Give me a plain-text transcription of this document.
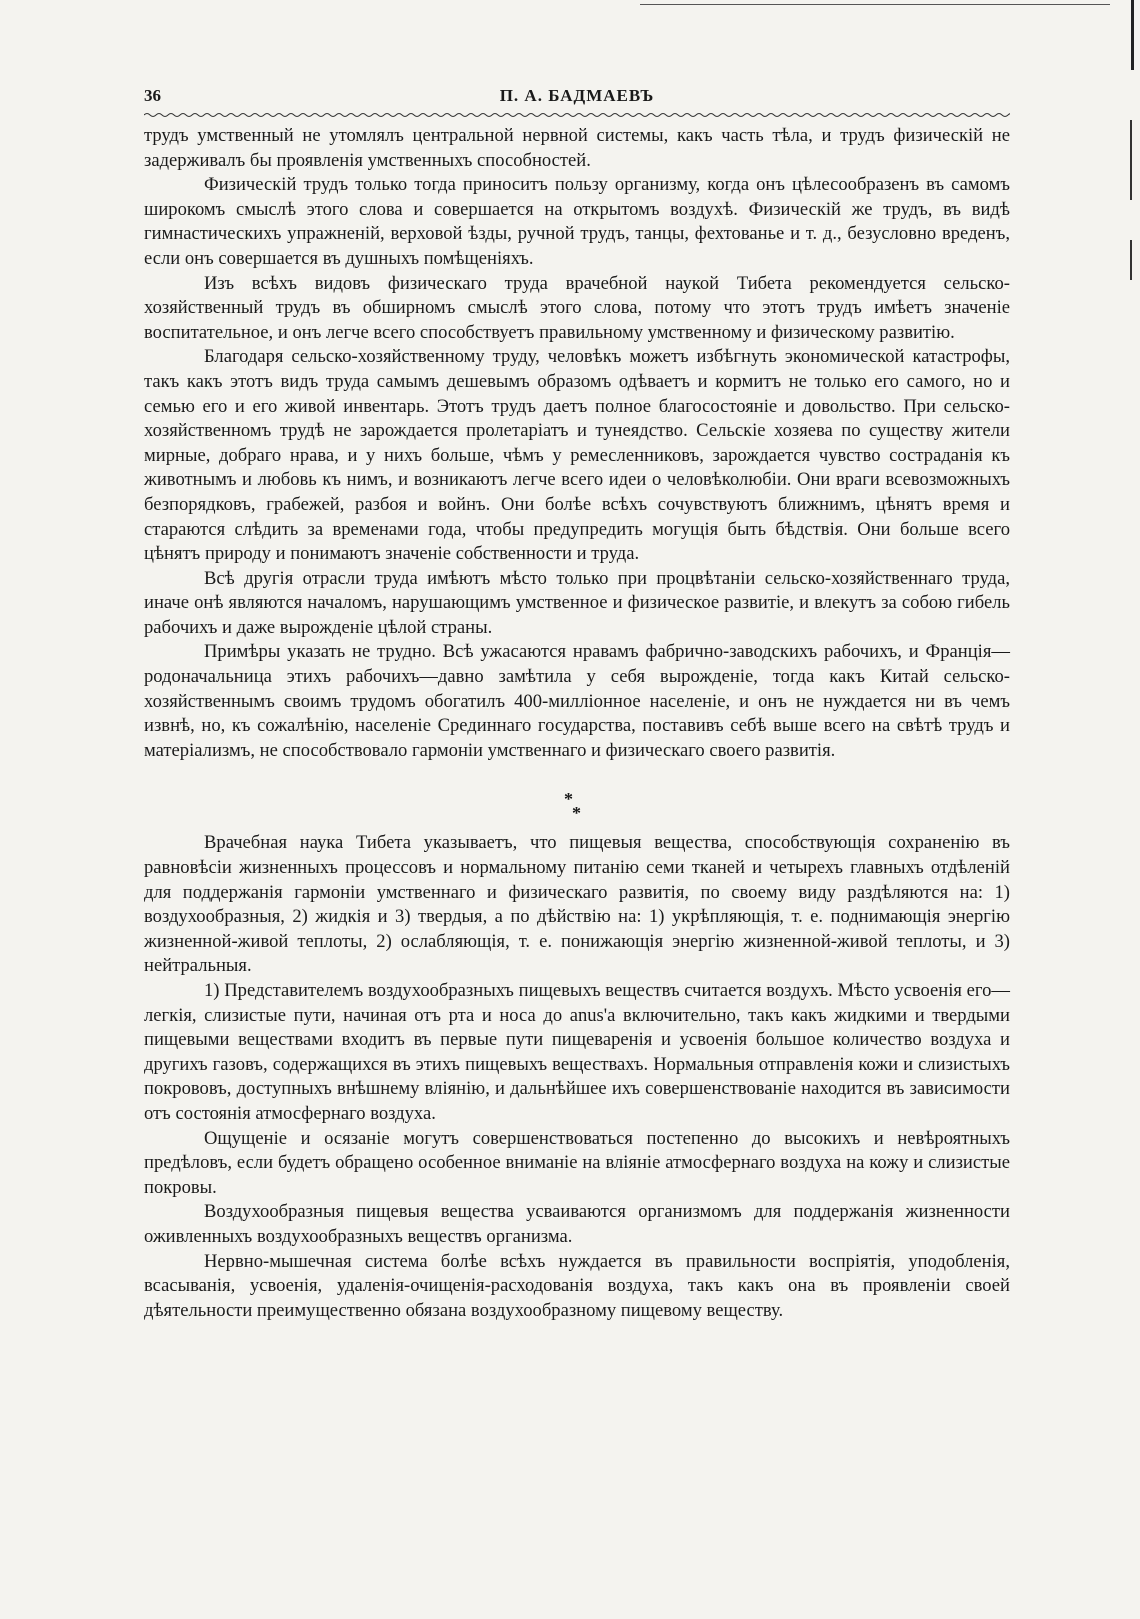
36	П. А. БАДМАЕВЪ

трудъ умственный не утомлялъ центральной нервной системы, какъ часть тѣла, и трудъ физическій не задерживалъ бы проявленія умственныхъ способностей.

Физическій трудъ только тогда приноситъ пользу организму, когда онъ цѣлесообразенъ въ самомъ широкомъ смыслѣ этого слова и совершается на открытомъ воздухѣ. Физическій же трудъ, въ видѣ гимнастическихъ упражненій, верховой ѣзды, ручной трудъ, танцы, фехтованье и т. д., безусловно вреденъ, если онъ совершается въ душныхъ помѣщеніяхъ.

Изъ всѣхъ видовъ физическаго труда врачебной наукой Тибета рекомендуется сельско-хозяйственный трудъ въ обширномъ смыслѣ этого слова, потому что этотъ трудъ имѣетъ значеніе воспитательное, и онъ легче всего способствуетъ правильному умственному и физическому развитію.

Благодаря сельско-хозяйственному труду, человѣкъ можетъ избѣгнуть экономической катастрофы, такъ какъ этотъ видъ труда самымъ дешевымъ образомъ одѣваетъ и кормитъ не только его самого, но и семью его и его живой инвентарь. Этотъ трудъ даетъ полное благосостояніе и довольство. При сельско-хозяйственномъ трудѣ не зарождается пролетаріатъ и тунеядство. Сельскіе хозяева по существу жители мирные, добраго нрава, и у нихъ больше, чѣмъ у ремесленниковъ, зарождается чувство состраданія къ животнымъ и любовь къ нимъ, и возникаютъ легче всего идеи о человѣколюбіи. Они враги всевозможныхъ безпорядковъ, грабежей, разбоя и войнъ. Они болѣе всѣхъ сочувствуютъ ближнимъ, цѣнятъ время и стараются слѣдить за временами года, чтобы предупредить могущія быть бѣдствія. Они больше всего цѣнятъ природу и понимаютъ значеніе собственности и труда.

Всѣ другія отрасли труда имѣютъ мѣсто только при процвѣтаніи сельско-хозяйственнаго труда, иначе онѣ являются началомъ, нарушающимъ умственное и физическое развитіе, и влекутъ за собою гибель рабочихъ и даже вырожденіе цѣлой страны.

Примѣры указать не трудно. Всѣ ужасаются нравамъ фабрично-заводскихъ рабочихъ, и Франція—родоначальница этихъ рабочихъ—давно замѣтила у себя вырожденіе, тогда какъ Китай сельско-хозяйственнымъ своимъ трудомъ обогатилъ 400-милліонное населеніе, и онъ не нуждается ни въ чемъ извнѣ, но, къ сожалѣнію, населеніе Срединнаго государства, поставивъ себѣ выше всего на свѣтѣ трудъ и матеріализмъ, не способствовало гармоніи умственнаго и физическаго своего развитія.

*
*

Врачебная наука Тибета указываетъ, что пищевыя вещества, способствующія сохраненію въ равновѣсіи жизненныхъ процессовъ и нормальному питанію семи тканей и четырехъ главныхъ отдѣленій для поддержанія гармоніи умственнаго и физическаго развитія, по своему виду раздѣляются на: 1) воздухообразныя, 2) жидкія и 3) твердыя, а по дѣйствію на: 1) укрѣпляющія, т. е. поднимающія энергію жизненной-живой теплоты, 2) ослабляющія, т. е. понижающія энергію жизненной-живой теплоты, и 3) нейтральныя.

1) Представителемъ воздухообразныхъ пищевыхъ веществъ считается воздухъ. Мѣсто усвоенія его—легкія, слизистые пути, начиная отъ рта и носа до anus'а включительно, такъ какъ жидкими и твердыми пищевыми веществами входитъ въ первые пути пищеваренія и усвоенія большое количество воздуха и другихъ газовъ, содержащихся въ этихъ пищевыхъ веществахъ. Нормальныя отправленія кожи и слизистыхъ покрововъ, доступныхъ внѣшнему вліянію, и дальнѣйшее ихъ совершенствованіе находится въ зависимости отъ состоянія атмосфернаго воздуха.

Ощущеніе и осязаніе могутъ совершенствоваться постепенно до высокихъ и невѣроятныхъ предѣловъ, если будетъ обращено особенное вниманіе на вліяніе атмосфернаго воздуха на кожу и слизистые покровы.

Воздухообразныя пищевыя вещества усваиваются организмомъ для поддержанія жизненности оживленныхъ воздухообразныхъ веществъ организма.

Нервно-мышечная система болѣе всѣхъ нуждается въ правильности воспріятія, уподобленія, всасыванія, усвоенія, удаленія-очищенія-расходованія воздуха, такъ какъ она въ проявленіи своей дѣятельности преимущественно обязана воздухообразному пищевому веществу.
